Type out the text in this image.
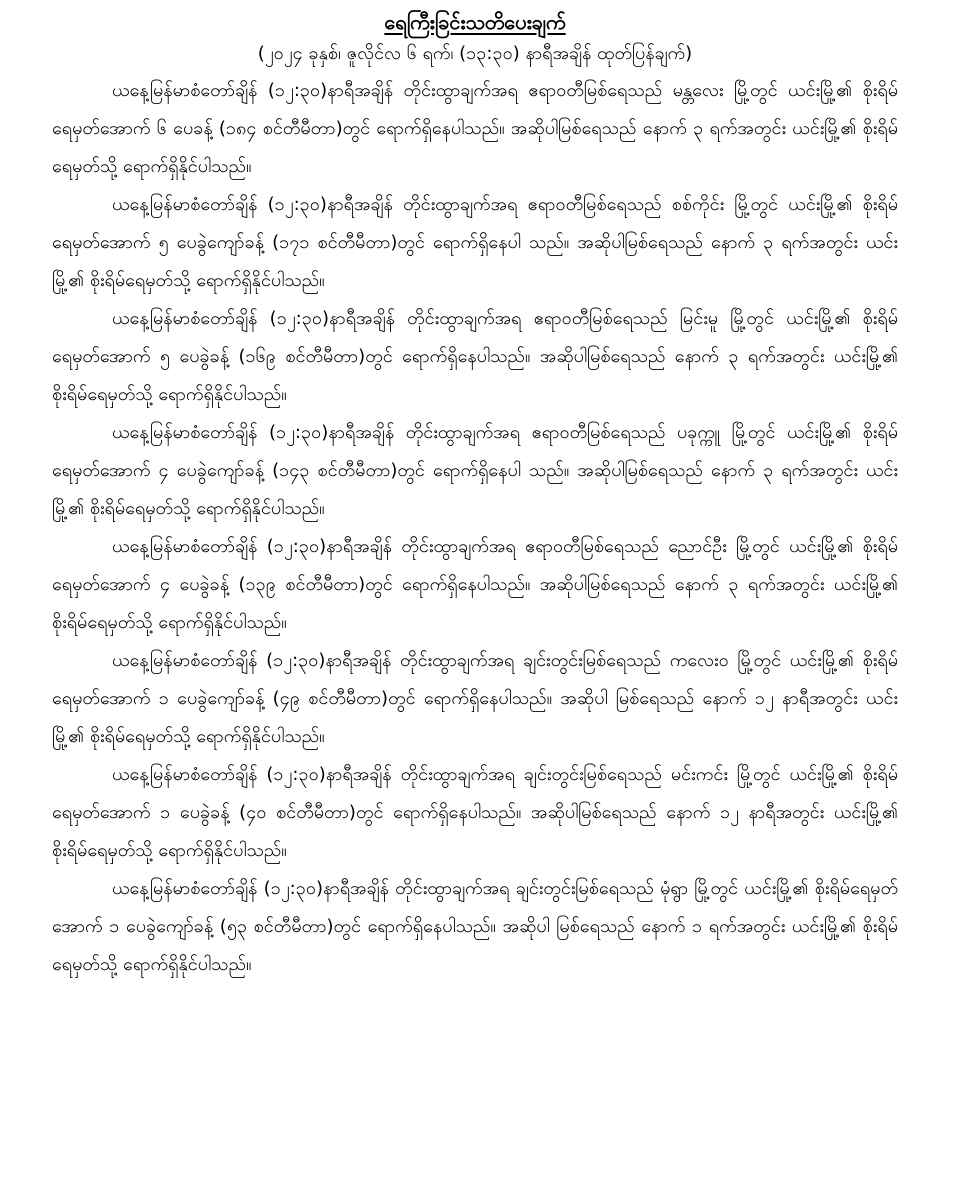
ရေကြီးခြင်းသတိပေးချက်

(၂၀၂၄ ခုနှစ်၊ ဇူလိုင်လ ၆ ရက်၊ (၁၃:၃၀) နာရီအချိန် ထုတ်ပြန်ချက်)

ယနေ့မြန်မာစံတော်ချိန် (၁၂:၃၀)နာရီအချိန် တိုင်းထွာချက်အရ ဧရာဝတီမြစ်ရေသည် မန္တလေး မြို့တွင် ယင်းမြို့၏ စိုးရိမ်ရေမှတ်အောက် ၆ ပေခန့် (၁၈၄ စင်တီမီတာ)တွင် ရောက်ရှိနေပါသည်။ အဆိုပါမြစ်ရေသည် နောက် ၃ ရက်အတွင်း ယင်းမြို့၏ စိုးရိမ်ရေမှတ်သို့ ရောက်ရှိနိုင်ပါသည်။

ယနေ့မြန်မာစံတော်ချိန် (၁၂:၃၀)နာရီအချိန် တိုင်းထွာချက်အရ ဧရာဝတီမြစ်ရေသည် စစ်ကိုင်း မြို့တွင် ယင်းမြို့၏ စိုးရိမ်ရေမှတ်အောက် ၅ ပေခွဲကျော်ခန့် (၁၇၁ စင်တီမီတာ)တွင် ရောက်ရှိနေပါ သည်။ အဆိုပါမြစ်ရေသည် နောက် ၃ ရက်အတွင်း ယင်းမြို့၏ စိုးရိမ်ရေမှတ်သို့ ရောက်ရှိနိုင်ပါသည်။

ယနေ့မြန်မာစံတော်ချိန် (၁၂:၃၀)နာရီအချိန် တိုင်းထွာချက်အရ ဧရာဝတီမြစ်ရေသည် မြင်းမူ မြို့တွင် ယင်းမြို့၏ စိုးရိမ်ရေမှတ်အောက် ၅ ပေခွဲခန့် (၁၆၉ စင်တီမီတာ)တွင် ရောက်ရှိနေပါသည်။ အဆိုပါမြစ်ရေသည် နောက် ၃ ရက်အတွင်း ယင်းမြို့၏ စိုးရိမ်ရေမှတ်သို့ ရောက်ရှိနိုင်ပါသည်။

ယနေ့မြန်မာစံတော်ချိန် (၁၂:၃၀)နာရီအချိန် တိုင်းထွာချက်အရ ဧရာဝတီမြစ်ရေသည် ပခုက္ကူ မြို့တွင် ယင်းမြို့၏ စိုးရိမ်ရေမှတ်အောက် ၄ ပေခွဲကျော်ခန့် (၁၄၃ စင်တီမီတာ)တွင် ရောက်ရှိနေပါ သည်။ အဆိုပါမြစ်ရေသည် နောက် ၃ ရက်အတွင်း ယင်းမြို့၏ စိုးရိမ်ရေမှတ်သို့ ရောက်ရှိနိုင်ပါသည်။

ယနေ့မြန်မာစံတော်ချိန် (၁၂:၃၀)နာရီအချိန် တိုင်းထွာချက်အရ ဧရာဝတီမြစ်ရေသည် ညောင်ဦး မြို့တွင် ယင်းမြို့၏ စိုးရိမ်ရေမှတ်အောက် ၄ ပေခွဲခန့် (၁၃၉ စင်တီမီတာ)တွင် ရောက်ရှိနေပါသည်။ အဆိုပါမြစ်ရေသည် နောက် ၃ ရက်အတွင်း ယင်းမြို့၏ စိုးရိမ်ရေမှတ်သို့ ရောက်ရှိနိုင်ပါသည်။

ယနေ့မြန်မာစံတော်ချိန် (၁၂:၃၀)နာရီအချိန် တိုင်းထွာချက်အရ ချင်းတွင်းမြစ်ရေသည် ကလေးဝ မြို့တွင် ယင်းမြို့၏ စိုးရိမ်ရေမှတ်အောက် ၁ ပေခွဲကျော်ခန့် (၄၉ စင်တီမီတာ)တွင် ရောက်ရှိနေပါသည်။ အဆိုပါ မြစ်ရေသည် နောက် ၁၂ နာရီအတွင်း ယင်းမြို့၏ စိုးရိမ်ရေမှတ်သို့ ရောက်ရှိနိုင်ပါသည်။

ယနေ့မြန်မာစံတော်ချိန် (၁၂:၃၀)နာရီအချိန် တိုင်းထွာချက်အရ ချင်းတွင်းမြစ်ရေသည် မင်းကင်း မြို့တွင် ယင်းမြို့၏ စိုးရိမ်ရေမှတ်အောက် ၁ ပေခွဲခန့် (၄၀ စင်တီမီတာ)တွင် ရောက်ရှိနေပါသည်။ အဆိုပါမြစ်ရေသည် နောက် ၁၂ နာရီအတွင်း ယင်းမြို့၏ စိုးရိမ်ရေမှတ်သို့ ရောက်ရှိနိုင်ပါသည်။

ယနေ့မြန်မာစံတော်ချိန် (၁၂:၃၀)နာရီအချိန် တိုင်းထွာချက်အရ ချင်းတွင်းမြစ်ရေသည် မုံရွာ မြို့တွင် ယင်းမြို့၏ စိုးရိမ်ရေမှတ်အောက် ၁ ပေခွဲကျော်ခန့် (၅၃ စင်တီမီတာ)တွင် ရောက်ရှိနေပါသည်။ အဆိုပါ မြစ်ရေသည် နောက် ၁ ရက်အတွင်း ယင်းမြို့၏ စိုးရိမ်ရေမှတ်သို့ ရောက်ရှိနိုင်ပါသည်။
